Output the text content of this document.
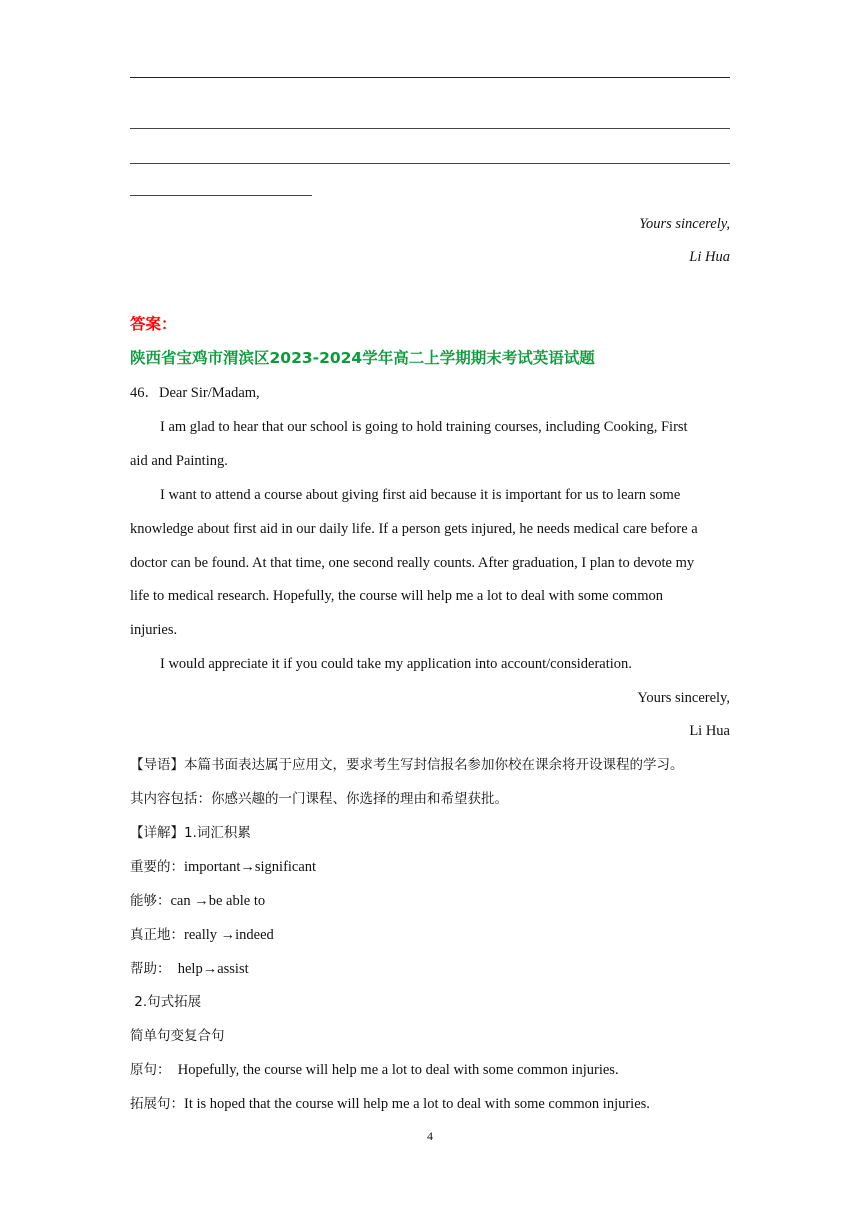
Yours sincerely,
Li Hua
答案：
陕西省宝鸡市渭滨区2023-2024学年高二上学期期末考试英语试题
46．Dear Sir/Madam,
I am glad to hear that our school is going to hold training courses, including Cooking, First
aid and Painting.
I want to attend a course about giving first aid because it is important for us to learn some
knowledge about first aid in our daily life. If a person gets injured, he needs medical care before a
doctor can be found. At that time, one second really counts. After graduation, I plan to devote my
life to medical research. Hopefully, the course will help me a lot to deal with some common
injuries.
I would appreciate it if you could take my application into account/consideration.
Yours sincerely,
Li Hua
【导语】本篇书面表达属于应用文，要求考生写封信报名参加你校在课余将开设课程的学习。
其内容包括：你感兴趣的一门课程、你选择的理由和希望获批。
【详解】1.词汇积累
重要的：important→significant
能够：can →be able to
真正地：really →indeed
帮助：  help→assist
2.句式拓展
简单句变复合句
原句：  Hopefully, the course will help me a lot to deal with some common injuries.
拓展句：It is hoped that the course will help me a lot to deal with some common injuries.
4
